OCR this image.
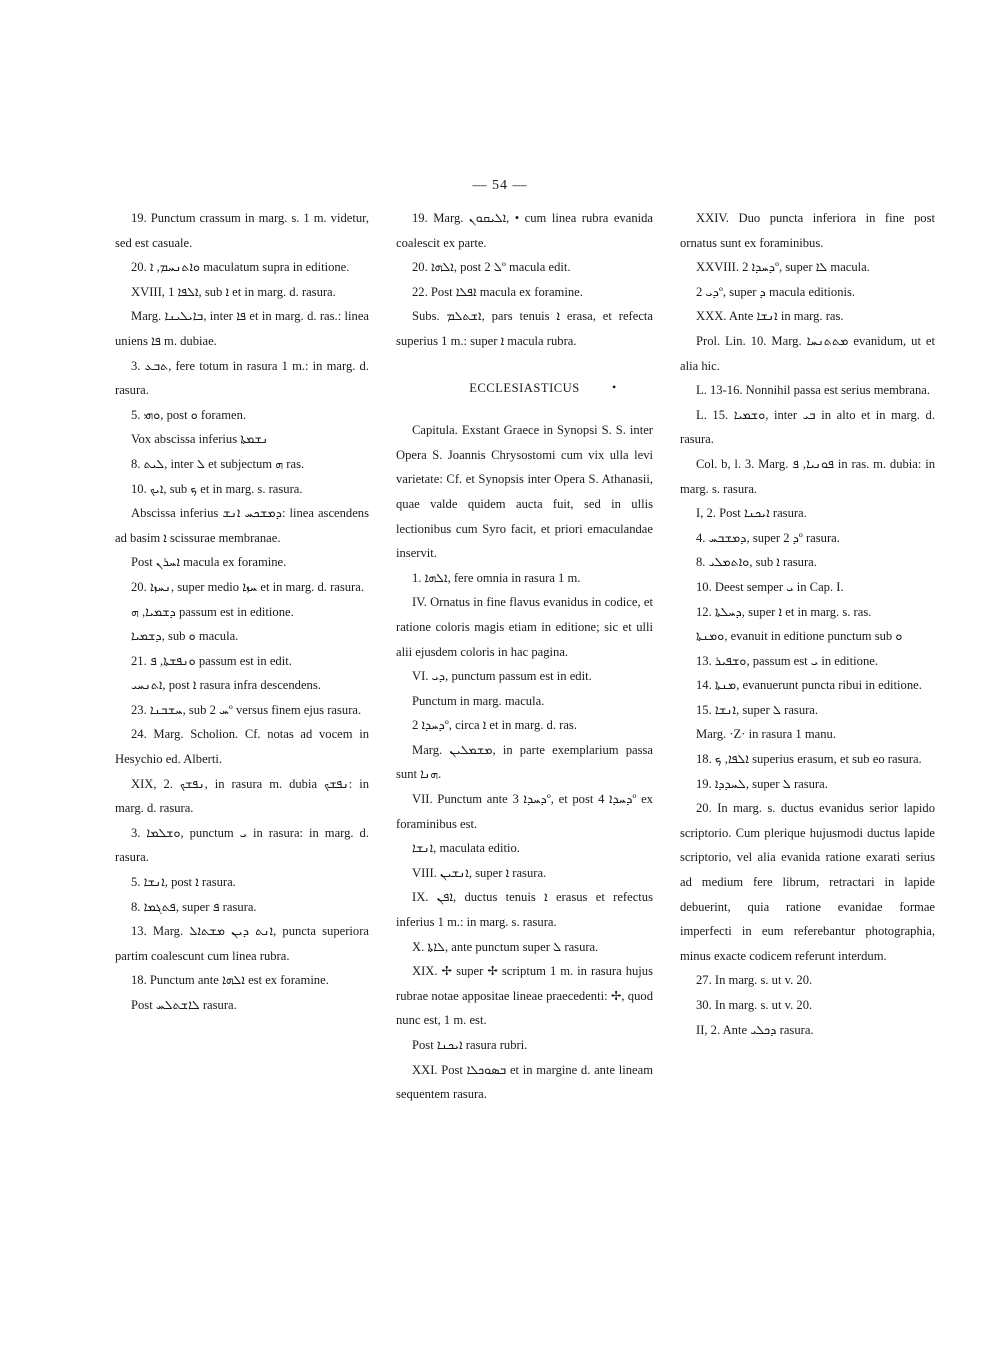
— 54 —

19. Punctum crassum in marg. s. 1 m. videtur, sed est casuale.

20. ܘܐܬܢܚܡ, ܐ maculatum supra in editione.

XVIII, 1 ܐܠܦܐ, sub ܐ et in marg. d. rasura.

Marg. ܒܐܝܠܝܢܐ, inter ܦܐ et in marg. d. ras.: linea uniens ܦܐ m. dubiae.

3. ܬܒܥ, fere totum in rasura 1 m.: in marg. d. rasura.

5. ܘܗܝ, post ܘ foramen.

Vox abscissa inferius ܢܫܡܬܐ

8. ܠܝܬ, inter ܠ et subjectum ܗ ras.

10. ܐܝܟ, sub ܟ et in marg. s. rasura.

Abscissa inferius ܕܡܫܟܚ ܐܢܫ: linea ascendens ad basim ܐ scissurae membranae.

Post ܐܚܪܢ macula ex foramine.

20. ܢܚܙܐ, super medio ܚܙܐ et in marg. d. rasura.

ܕܫܡܝܐ, ܗ passum est in editione.

ܕܫܡܝܐ, sub ܘ macula.

21. ܘܢܦܫܬܐ, ܦ passum est in edit.

ܐܬܢܚܝ, post ܐ rasura infra descendens.

23. ܚܫܒܢܐ, sub ܚ 2º versus finem ejus rasura.

24. Marg. Scholion. Cf. notas ad vocem in Hesychio ed. Alberti.

XIX, 2. ܢܦܫܟ, in rasura m. dubia ܢܦܫܟ: in marg. d. rasura.

3. ܘܫܠܡܐ, punctum ܝ in rasura: in marg. d. rasura.

5. ܐܢܫܐ, post ܐ rasura.

8. ܦܬܓܡܐ, super ܦ rasura.

13. Marg. ܐܢܬ ܕܝܢ ܡܫܬܐܠ, puncta superiora partim coalescunt cum linea rubra.

18. Punctum ante ܐܠܗܐ est ex foramine.

Post ܠܐܫܬܠܚ rasura.

19. Marg. ܐܠܝܩܘܢ, • cum linea rubra evanida coalescit ex parte.

20. ܐܠܗܐ, post ܠ 2º macula edit.

22. Post ܐܦܠܐ macula ex foramine.

Subs. ܐܫܬܠܡ, pars tenuis ܐ erasa, et refecta superius 1 m.: super ܐ macula rubra.

ECCLESIASTICUS

Capitula. Exstant Graece in Synopsi S. S. inter Opera S. Joannis Chrysostomi cum vix ulla levi varietate: Cf. et Synopsis inter Opera S. Athanasii, quae valde quidem aucta fuit, sed in ullis lectionibus cum Syro facit, et priori emaculandae inservit.

1. ܐܠܗܐ, fere omnia in rasura 1 m.

IV. Ornatus in fine flavus evanidus in codice, et ratione coloris magis etiam in editione; sic et ulli alii ejusdem coloris in hac pagina.

VI. ܕܝ, punctum passum est in edit.

Punctum in marg. macula.

ܕܚܕܐ 2º, circa ܐ et in marg. d. ras.

Marg. ܡܫܡܠܝܢ, in parte exemplarium passa sunt ܗܢܐ.

VII. Punctum ante ܕܚܕܐ 3º, et post ܕܚܕܐ 4º ex foraminibus est.

ܐܢܫܐ, maculata editio.

VIII. ܐܢܫܝܢ, super ܐ rasura.

IX. ܐܦܢ, ductus tenuis ܐ erasus et refectus inferius 1 m.: in marg. s. rasura.

X. ܠܐܬܐ, ante punctum super ܠ rasura.

XIX. ✢ super ✢ scriptum 1 m. in rasura hujus rubrae notae appositae lineae praecedenti: ✢, quod nunc est, 1 m. est.

Post ܐܝܟܢܐ rasura rubri.

XXI. Post ܒܣܘܟܠܐ et in margine d. ante lineam sequentem rasura.

XXIV. Duo puncta inferiora in fine post ornatus sunt ex foraminibus.

XXVIII. ܕܚܕܐ 2º, super ܠܐ macula.

ܕܝ 2º, super ܕ macula editionis.

XXX. Ante ܐܢܫܐ in marg. ras.

Prol. Lin. 10. Marg. ܡܬܬܢܚܐ evanidum, ut et alia hic.

L. 13-16. Nonnihil passa est serius membrana.

L. 15. ܘܫܡܝܐ, inter ܒܝ in alto et in marg. d. rasura.

Col. b, l. 3. Marg. ܦܘܢܝܐ, ܦ in ras. m. dubia: in marg. s. rasura.

I, 2. Post ܐܝܟܢܐ rasura.

4. ܕܡܫܒܚ, super ܕ 2º rasura.

8. ܘܐܬܡܠܝ, sub ܐ rasura.

10. Deest semper ܝ in Cap. I.

12. ܕܚܠܬܐ, super ܐ et in marg. s. ras.

ܘܡܢܬܐ, evanuit in editione punctum sub ܘ

13. ܘܫܦܝܪ, passum est ܝ in editione.

14. ܡܢܬܐ, evanuerunt puncta ribui in editione.

15. ܐܢܫܐ, super ܠ rasura.

Marg. ·Z· in rasura 1 manu.

18. ܐܠܦܐ, ܟ superius erasum, et sub eo rasura.

19. ܠܚܕܕܐ, super ܠ rasura.

20. In marg. s. ductus evanidus serior lapido scriptorio. Cum plerique hujusmodi ductus lapide scriptorio, vel alia evanida ratione exarati serius ad medium fere librum, retractari in lapide debuerint, quia ratione evanidae formae imperfecti in eum referebantur photographia, minus exacte codicem referunt interdum.

27. In marg. s. ut v. 20.

30. In marg. s. ut v. 20.

II, 2. Ante ܕܟܠܝ rasura.

•
